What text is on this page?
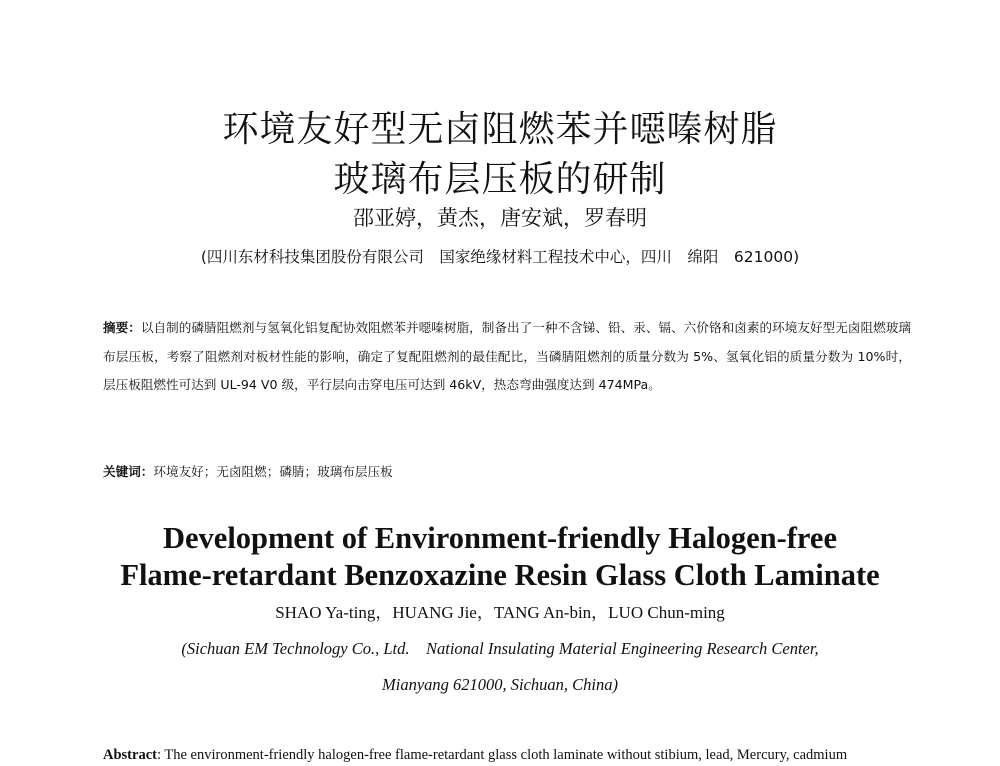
环境友好型无卤阻燃苯并噁嗪树脂
玻璃布层压板的研制
邵亚婷，黄杰，唐安斌，罗春明
(四川东材科技集团股份有限公司　国家绝缘材料工程技术中心，四川　绵阳　621000)
摘要：以自制的磷腈阻燃剂与氢氧化铝复配协效阻燃苯并噁嗪树脂，制备出了一种不含锑、铅、汞、镉、六价铬和卤素的环境友好型无卤阻燃玻璃布层压板，考察了阻燃剂对板材性能的影响，确定了复配阻燃剂的最佳配比，当磷腈阻燃剂的质量分数为 5%、氢氧化铝的质量分数为 10%时，层压板阻燃性可达到 UL-94 V0 级，平行层向击穿电压可达到 46kV，热态弯曲强度达到 474MPa。
关键词：环境友好；无卤阻燃；磷腈；玻璃布层压板
Development of Environment-friendly Halogen-free
Flame-retardant Benzoxazine Resin Glass Cloth Laminate
SHAO Ya-ting，HUANG Jie，TANG An-bin，LUO Chun-ming
(Sichuan EM Technology Co., Ltd.　National Insulating Material Engineering Research Center,
Mianyang 621000, Sichuan, China)
Abstract: The environment-friendly halogen-free flame-retardant glass cloth laminate without stibium, lead, Mercury, cadmium
